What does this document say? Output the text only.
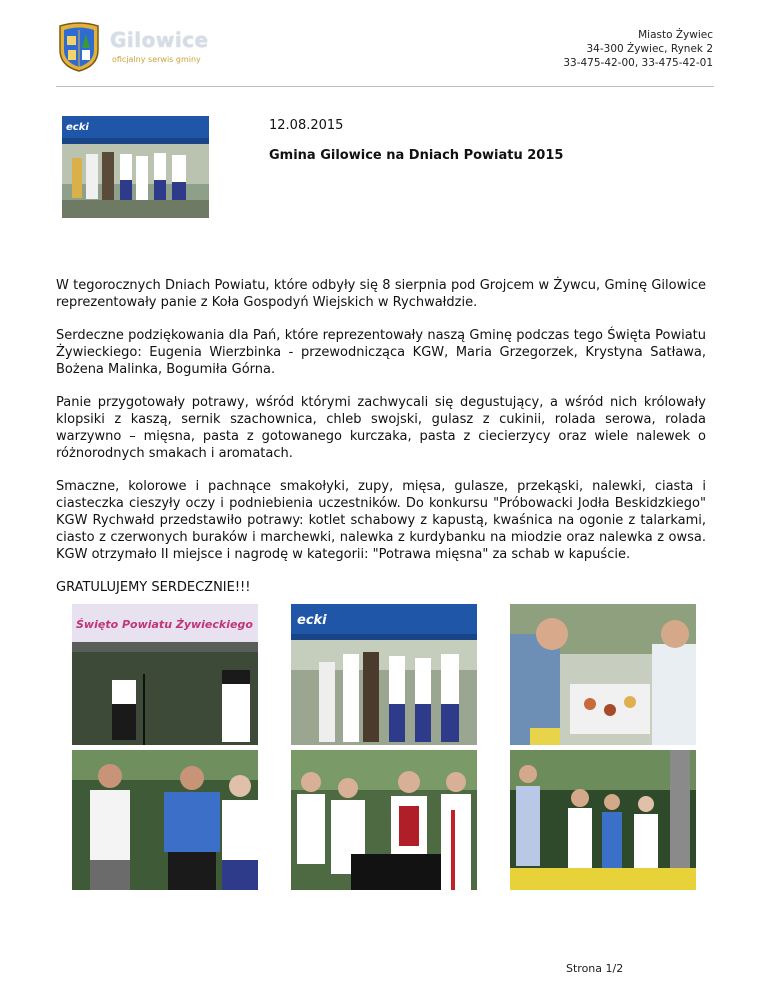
Gilowice
oficjalny serwis gminy
Miasto Żywiec
34-300 Żywiec, Rynek 2
33-475-42-00, 33-475-42-01
ecki	12.08.2015
Gmina Gilowice na Dniach Powiatu 2015

W tegorocznych Dniach Powiatu, które odbyły się 8 sierpnia pod Grojcem w Żywcu, Gminę Gilowice reprezentowały panie z Koła Gospodyń Wiejskich w Rychwałdzie.

Serdeczne podziękowania dla Pań, które reprezentowały naszą Gminę podczas tego Święta Powiatu Żywieckiego: Eugenia Wierzbinka - przewodnicząca KGW, Maria Grzegorzek, Krystyna Satława, Bożena Malinka, Bogumiła Górna.

Panie przygotowały potrawy, wśród którymi zachwycali się degustujący, a wśród nich królowały klopsiki z kaszą, sernik szachownica, chleb swojski, gulasz z cukinii, rolada serowa, rolada warzywno – mięsna, pasta z gotowanego kurczaka, pasta z ciecierzycy oraz wiele nalewek o różnorodnych smakach i aromatach.

Smaczne, kolorowe i pachnące smakołyki, zupy, mięsa, gulasze, przekąski, nalewki, ciasta i ciasteczka cieszyły oczy i podniebienia uczestników. Do konkursu "Próbowacki Jodła Beskidzkiego" KGW Rychwałd przedstawiło potrawy: kotlet schabowy z kapustą, kwaśnica na ogonie z talarkami, ciasto z czerwonych buraków i marchewki, nalewka z kurdybanku na miodzie oraz nalewka z owsa. KGW otrzymało II miejsce i nagrodę w kategorii: "Potrawa mięsna" za schab w kapuście.

GRATULUJEMY SERDECZNIE!!!

Święto Powiatu Żywieckiego	ecki
Strona 1/2
